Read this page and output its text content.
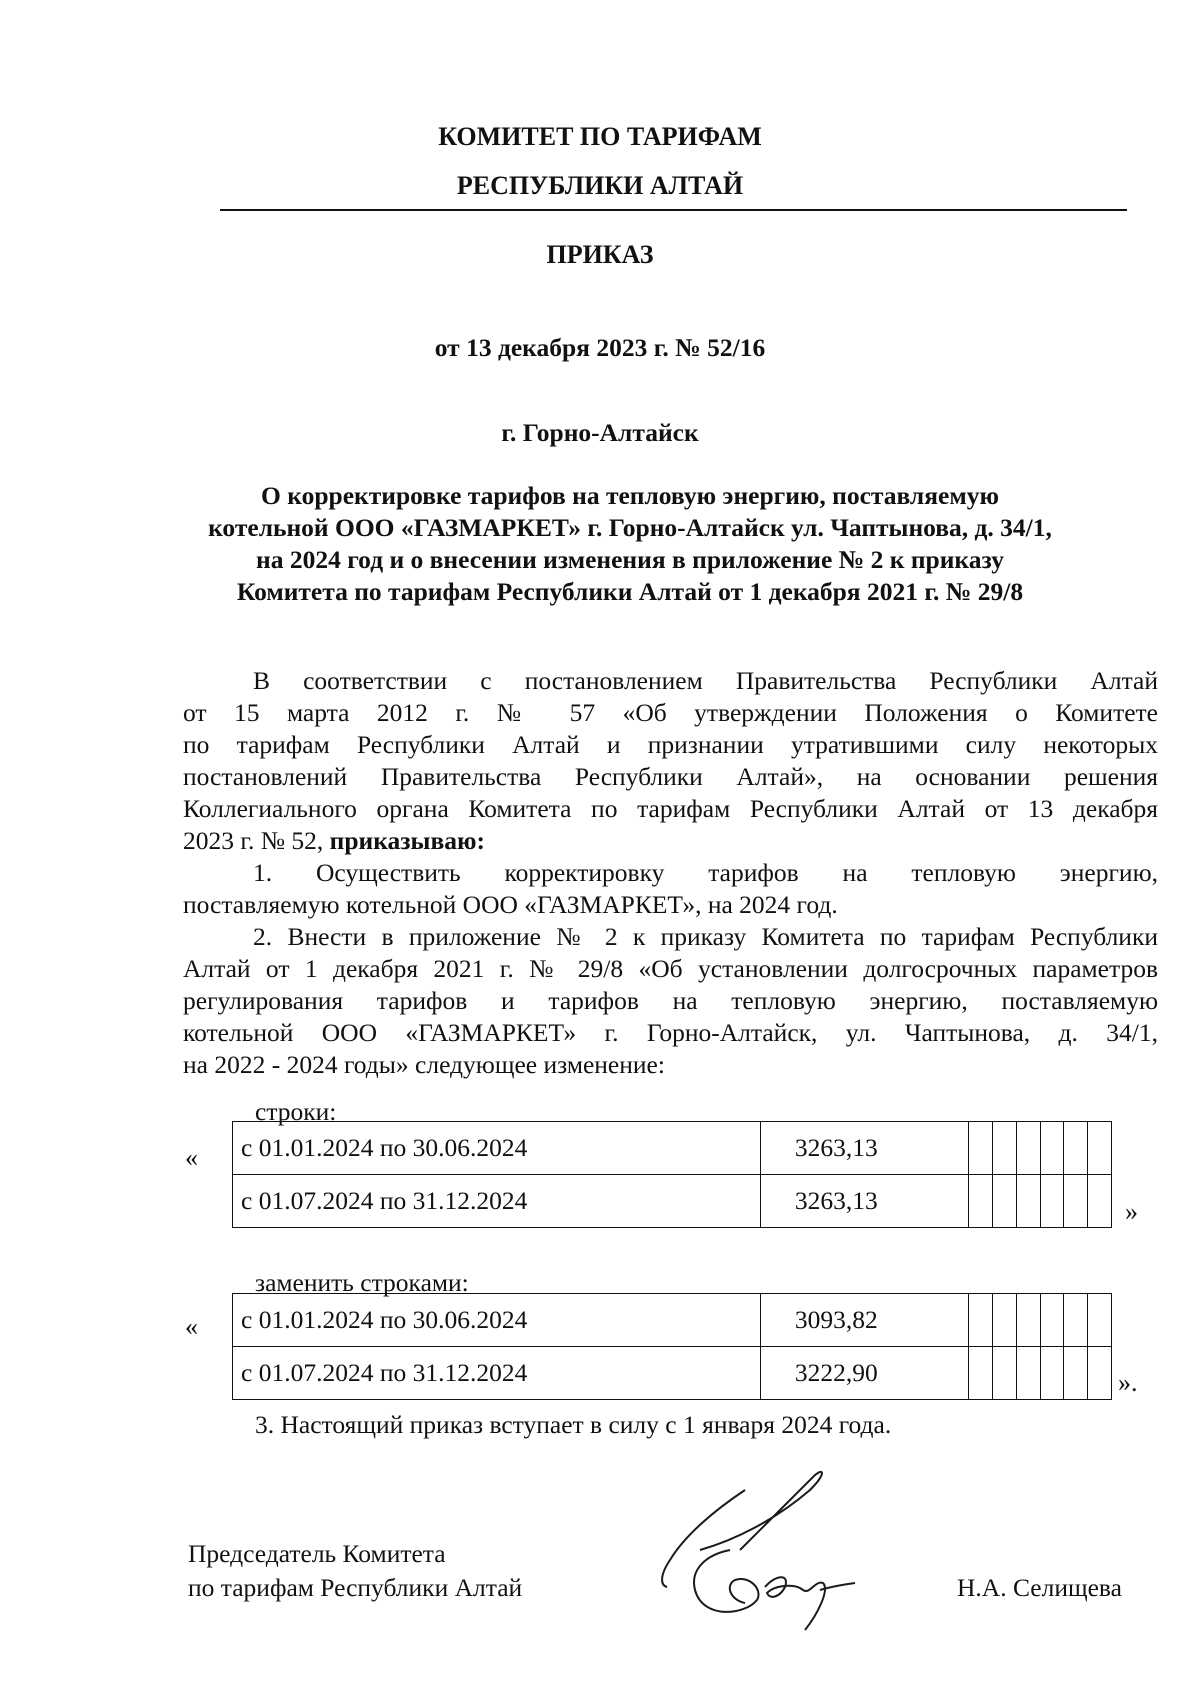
КОМИТЕТ ПО ТАРИФАМ
РЕСПУБЛИКИ АЛТАЙ
ПРИКАЗ
от 13 декабря 2023 г. № 52/16
г. Горно-Алтайск
О корректировке тарифов на тепловую энергию, поставляемую
котельной ООО «ГАЗМАРКЕТ» г. Горно-Алтайск ул. Чаптынова, д. 34/1,
на 2024 год и о внесении изменения в приложение № 2 к приказу
Комитета по тарифам Республики Алтай от 1 декабря 2021 г. № 29/8
В соответствии с постановлением Правительства Республики Алтай
от 15 марта 2012 г. № 57 «Об утверждении Положения о Комитете
по тарифам Республики Алтай и признании утратившими силу некоторых
постановлений Правительства Республики Алтай», на основании решения
Коллегиального органа Комитета по тарифам Республики Алтай от 13 декабря
2023 г. № 52, приказываю:
1. Осуществить корректировку тарифов на тепловую энергию,
поставляемую котельной ООО «ГАЗМАРКЕТ», на 2024 год.
2. Внести в приложение № 2 к приказу Комитета по тарифам Республики
Алтай от 1 декабря 2021 г. № 29/8 «Об установлении долгосрочных параметров
регулирования тарифов и тарифов на тепловую энергию, поставляемую
котельной ООО «ГАЗМАРКЕТ» г. Горно-Алтайск, ул. Чаптынова, д. 34/1,
на 2022 - 2024 годы» следующее изменение:
строки:
« с 01.01.2024 по 30.06.2024	3263,13						
с 01.07.2024 по 31.12.2024	3263,13							»
заменить строками:
« с 01.01.2024 по 30.06.2024	3093,82						
с 01.07.2024 по 31.12.2024	3222,90							».
3. Настоящий приказ вступает в силу с 1 января 2024 года.
Председатель Комитета
по тарифам Республики Алтай	Н.А. Селищева
